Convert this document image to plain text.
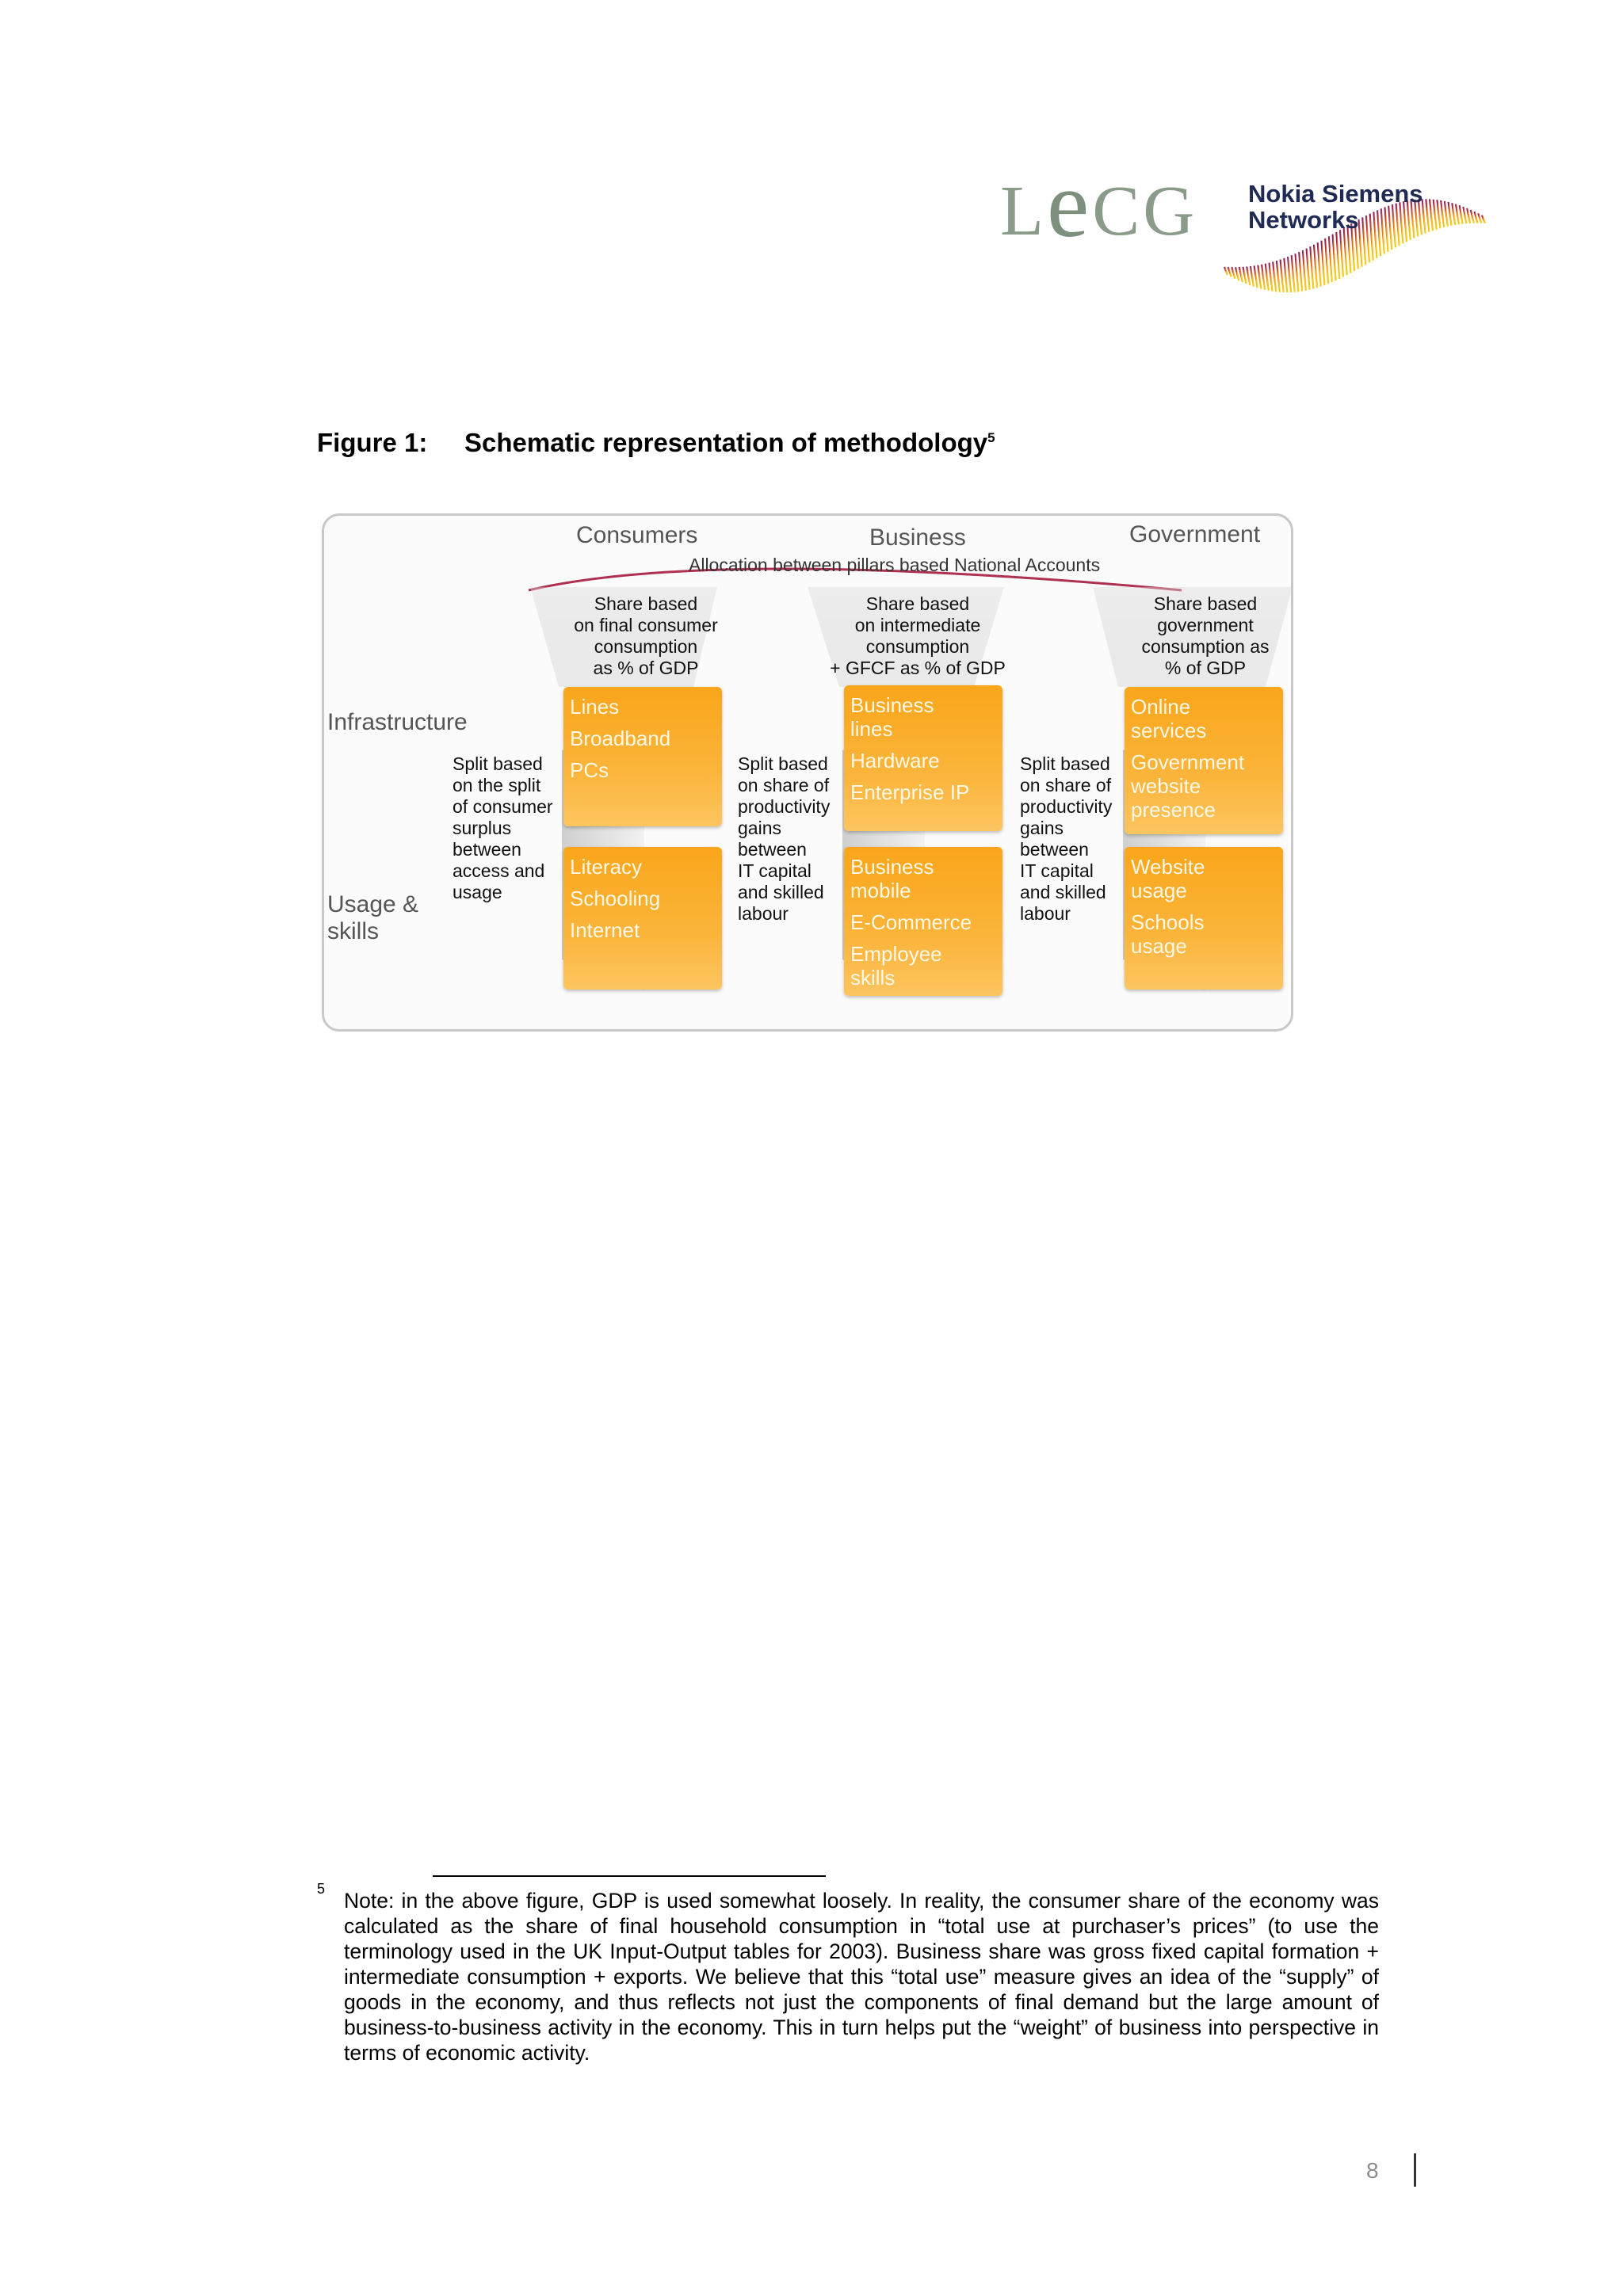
LeCG Nokia Siemens
Networks
Figure 1: Schematic representation of methodology$^5$
Consumers	Business	Government
Allocation between pillars based National Accounts
Share based
on final consumer
consumption
as % of GDP
Share based
on intermediate
consumption
+ GFCF as % of GDP
Share based
government
consumption as
% of GDP
Infrastructure
Usage &
skills
Split based
on the split
of consumer
surplus
between
access and
usage
Split based
on share of
productivity
gains
between
IT capital
and skilled
labour
Split based
on share of
productivity
gains
between
IT capital
and skilled
labour
Lines
Broadband
PCs
Literacy
Schooling
Internet
Business
lines
Hardware
Enterprise IP
Business
mobile
E-Commerce
Employee
skills
Online
services
Government
website
presence
Website
usage
Schools
usage
5 Note: in the above figure, GDP is used somewhat loosely. In reality, the consumer share of the economy was calculated as the share of final household consumption in “total use at purchaser’s prices” (to use the terminology used in the UK Input-Output tables for 2003). Business share was gross fixed capital formation + intermediate consumption + exports. We believe that this “total use” measure gives an idea of the “supply” of goods in the economy, and thus reflects not just the components of final demand but the large amount of business-to-business activity in the economy. This in turn helps put the “weight” of business into perspective in terms of economic activity.
8
